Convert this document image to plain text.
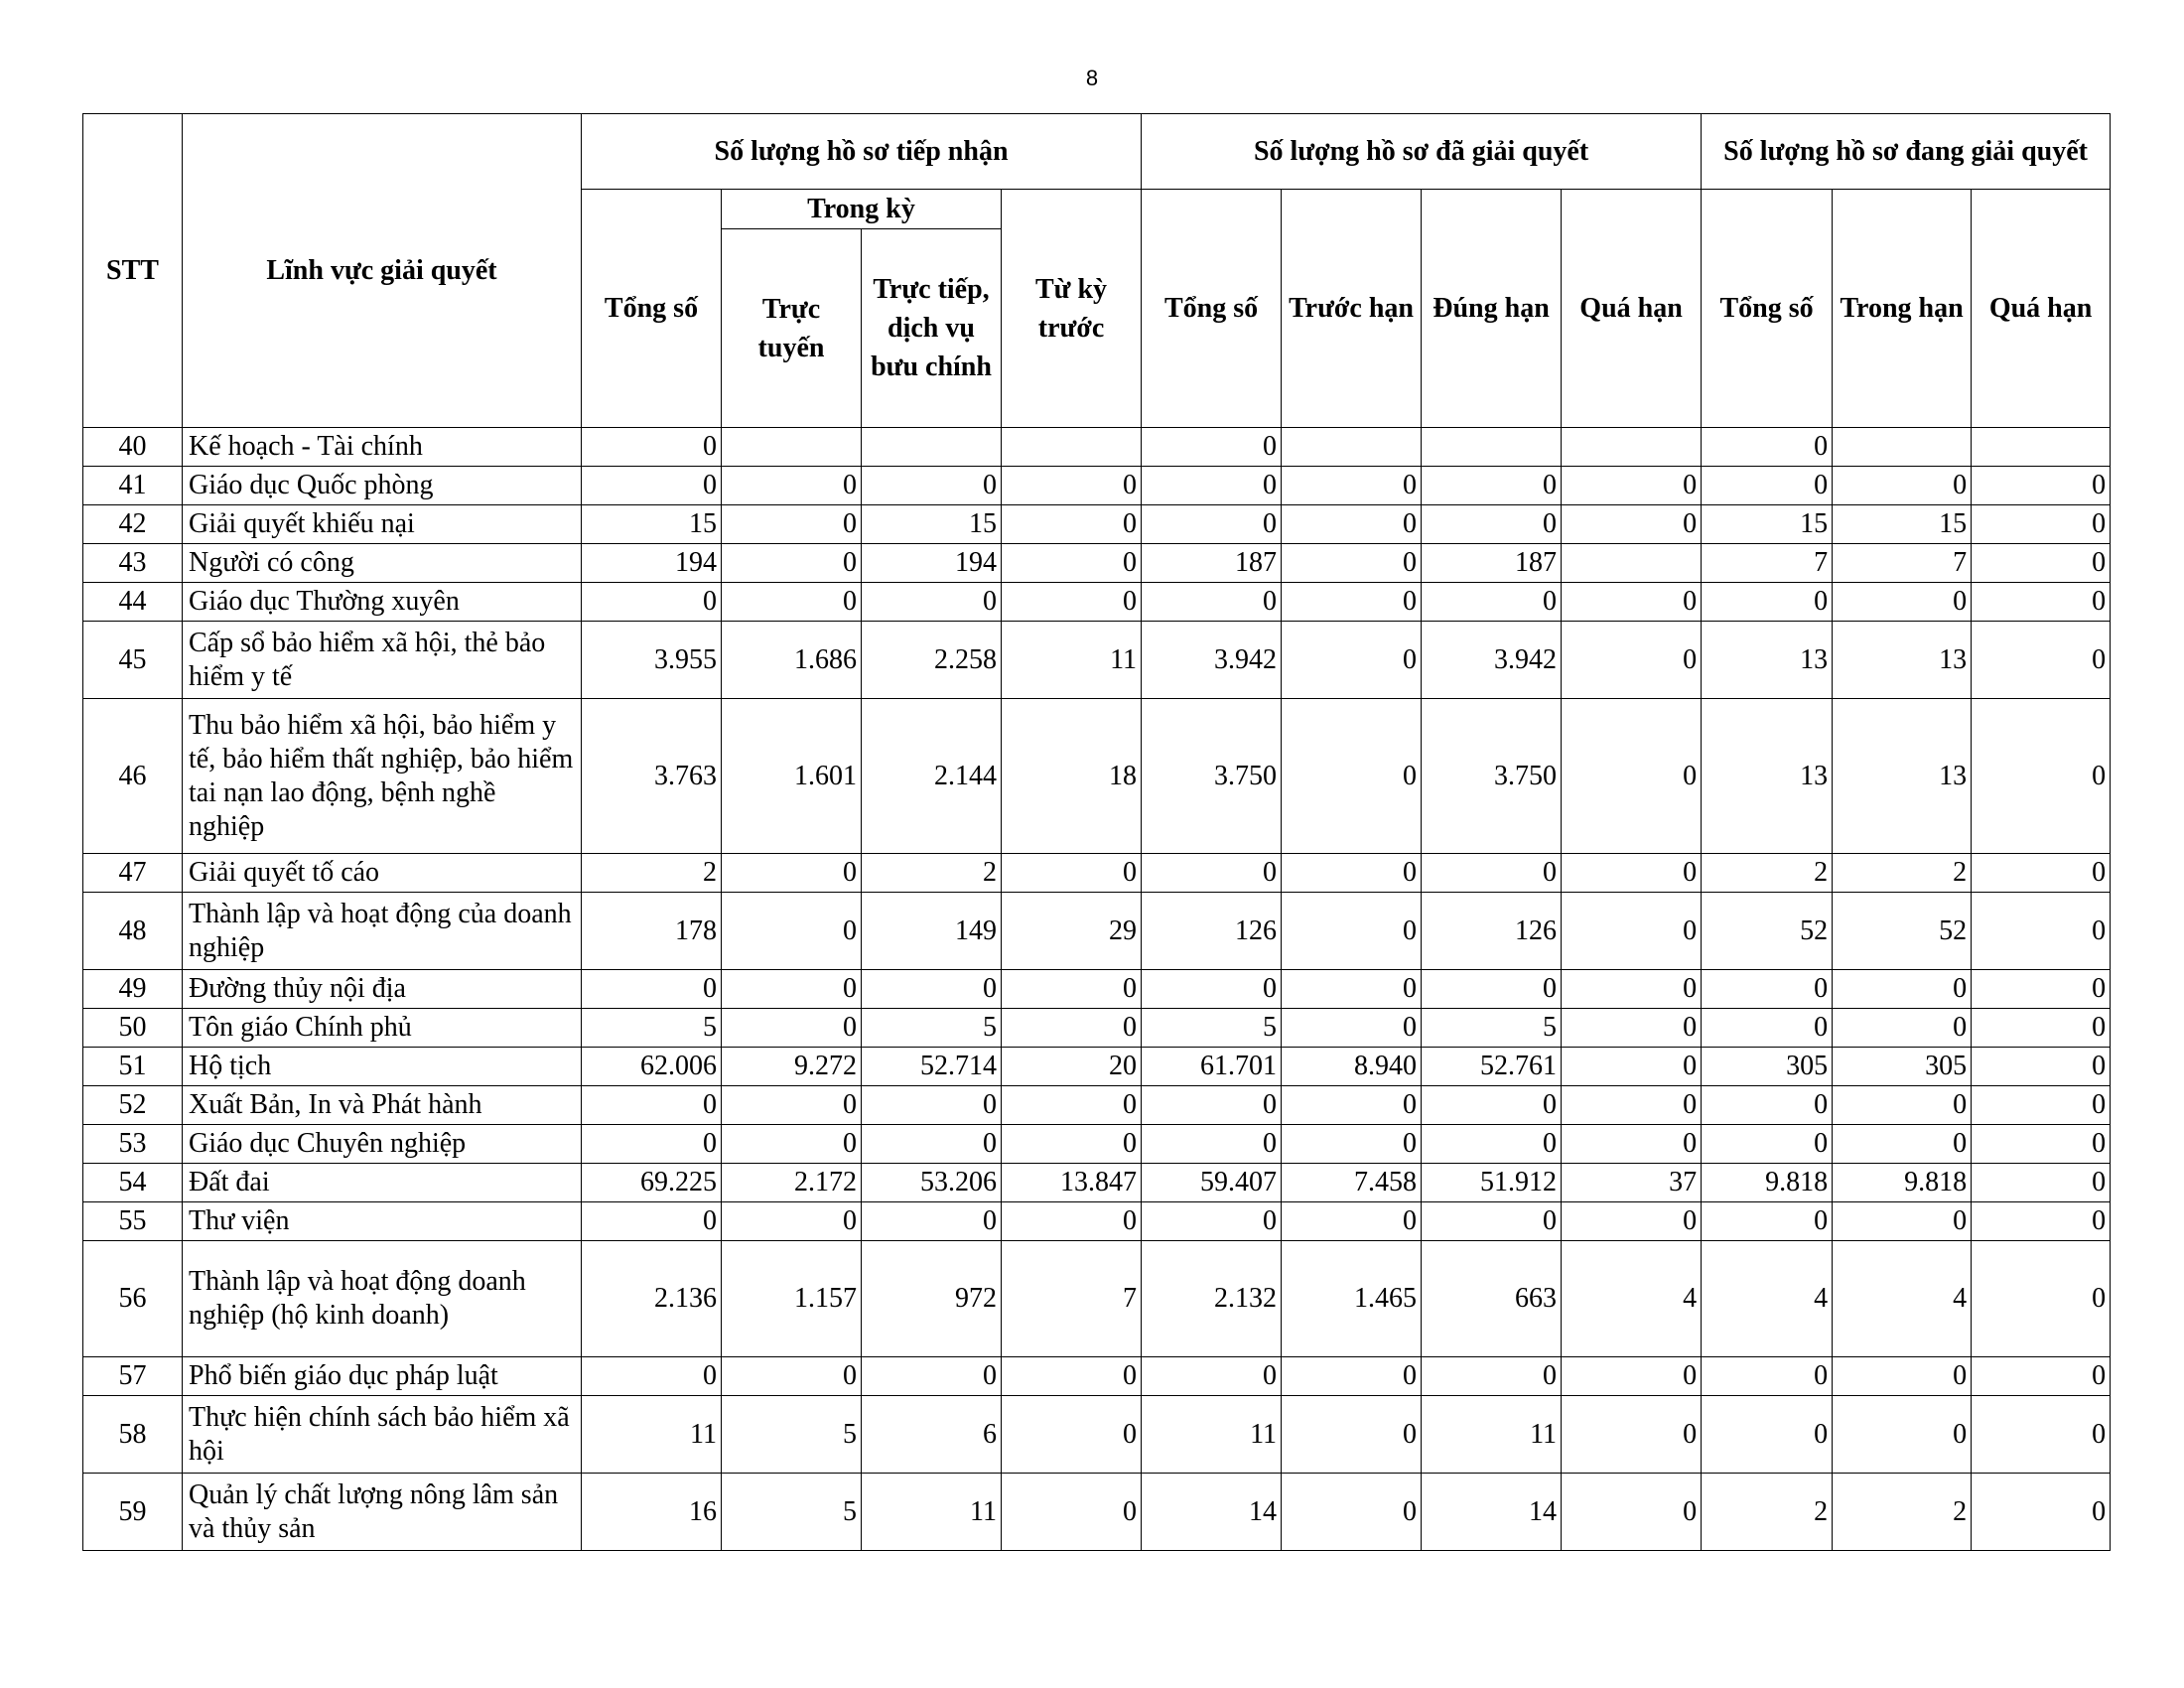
8
STT	Lĩnh vực giải quyết	Số lượng hồ sơ tiếp nhận				Số lượng hồ sơ đã giải quyết				Số lượng hồ sơ đang giải quyết		
		Tổng số	Trong kỳ		Từ kỳ trước	Tổng số	Trước hạn	Đúng hạn	Quá hạn	Tổng số	Trong hạn	Quá hạn
			Trực tuyến	Trực tiếp, dịch vụ bưu chính								

40	Kế hoạch - Tài chính	0				0				0		
41	Giáo dục Quốc phòng	0	0	0	0	0	0	0	0	0	0	0
42	Giải quyết khiếu nại	15	0	15	0	0	0	0	0	15	15	0
43	Người có công	194	0	194	0	187	0	187		7	7	0
44	Giáo dục Thường xuyên	0	0	0	0	0	0	0	0	0	0	0
45	Cấp sổ bảo hiểm xã hội, thẻ bảo hiểm y tế	3.955	1.686	2.258	11	3.942	0	3.942	0	13	13	0
46	Thu bảo hiểm xã hội, bảo hiểm y tế, bảo hiểm thất nghiệp, bảo hiểm tai nạn lao động, bệnh nghề nghiệp	3.763	1.601	2.144	18	3.750	0	3.750	0	13	13	0
47	Giải quyết tố cáo	2	0	2	0	0	0	0	0	2	2	0
48	Thành lập và hoạt động của doanh nghiệp	178	0	149	29	126	0	126	0	52	52	0
49	Đường thủy nội địa	0	0	0	0	0	0	0	0	0	0	0
50	Tôn giáo Chính phủ	5	0	5	0	5	0	5	0	0	0	0
51	Hộ tịch	62.006	9.272	52.714	20	61.701	8.940	52.761	0	305	305	0
52	Xuất Bản, In và Phát hành	0	0	0	0	0	0	0	0	0	0	0
53	Giáo dục Chuyên nghiệp	0	0	0	0	0	0	0	0	0	0	0
54	Đất đai	69.225	2.172	53.206	13.847	59.407	7.458	51.912	37	9.818	9.818	0
55	Thư viện	0	0	0	0	0	0	0	0	0	0	0
56	Thành lập và hoạt động doanh nghiệp (hộ kinh doanh)	2.136	1.157	972	7	2.132	1.465	663	4	4	4	0
57	Phổ biến giáo dục pháp luật	0	0	0	0	0	0	0	0	0	0	0
58	Thực hiện chính sách bảo hiểm xã hội	11	5	6	0	11	0	11	0	0	0	0
59	Quản lý chất lượng nông lâm sản và thủy sản	16	5	11	0	14	0	14	0	2	2	0
